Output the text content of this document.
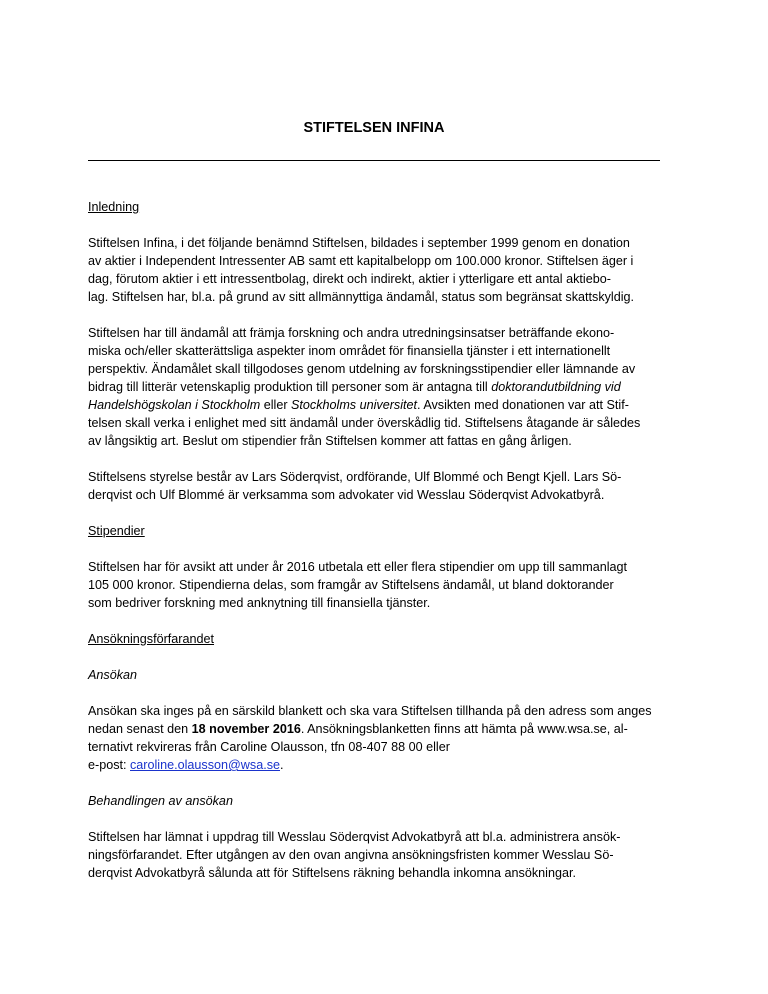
STIFTELSEN INFINA
Inledning
Stiftelsen Infina, i det följande benämnd Stiftelsen, bildades i september 1999 genom en donation
av aktier i Independent Intressenter AB samt ett kapitalbelopp om 100.000 kronor. Stiftelsen äger i
dag, förutom aktier i ett intressentbolag, direkt och indirekt, aktier i ytterligare ett antal aktiebo-
lag. Stiftelsen har, bl.a. på grund av sitt allmännyttiga ändamål, status som begränsat skattskyldig.
Stiftelsen har till ändamål att främja forskning och andra utredningsinsatser beträffande ekono-
miska och/eller skatterättsliga aspekter inom området för finansiella tjänster i ett internationellt
perspektiv. Ändamålet skall tillgodoses genom utdelning av forskningsstipendier eller lämnande av
bidrag till litterär vetenskaplig produktion till personer som är antagna till doktorandutbildning vid
Handelshögskolan i Stockholm eller Stockholms universitet. Avsikten med donationen var att Stif-
telsen skall verka i enlighet med sitt ändamål under överskådlig tid. Stiftelsens åtagande är således
av långsiktig art. Beslut om stipendier från Stiftelsen kommer att fattas en gång årligen.
Stiftelsens styrelse består av Lars Söderqvist, ordförande, Ulf Blommé och Bengt Kjell. Lars Sö-
derqvist och Ulf Blommé är verksamma som advokater vid Wesslau Söderqvist Advokatbyrå.
Stipendier
Stiftelsen har för avsikt att under år 2016 utbetala ett eller flera stipendier om upp till sammanlagt
105 000 kronor. Stipendierna delas, som framgår av Stiftelsens ändamål, ut bland doktorander
som bedriver forskning med anknytning till finansiella tjänster.
Ansökningsförfarandet
Ansökan
Ansökan ska inges på en särskild blankett och ska vara Stiftelsen tillhanda på den adress som anges
nedan senast den 18 november 2016. Ansökningsblanketten finns att hämta på www.wsa.se, al-
ternativt rekvireras från Caroline Olausson, tfn 08-407 88 00 eller
e-post: caroline.olausson@wsa.se.
Behandlingen av ansökan
Stiftelsen har lämnat i uppdrag till Wesslau Söderqvist Advokatbyrå att bl.a. administrera ansök-
ningsförfarandet. Efter utgången av den ovan angivna ansökningsfristen kommer Wesslau Sö-
derqvist Advokatbyrå sålunda att för Stiftelsens räkning behandla inkomna ansökningar.
